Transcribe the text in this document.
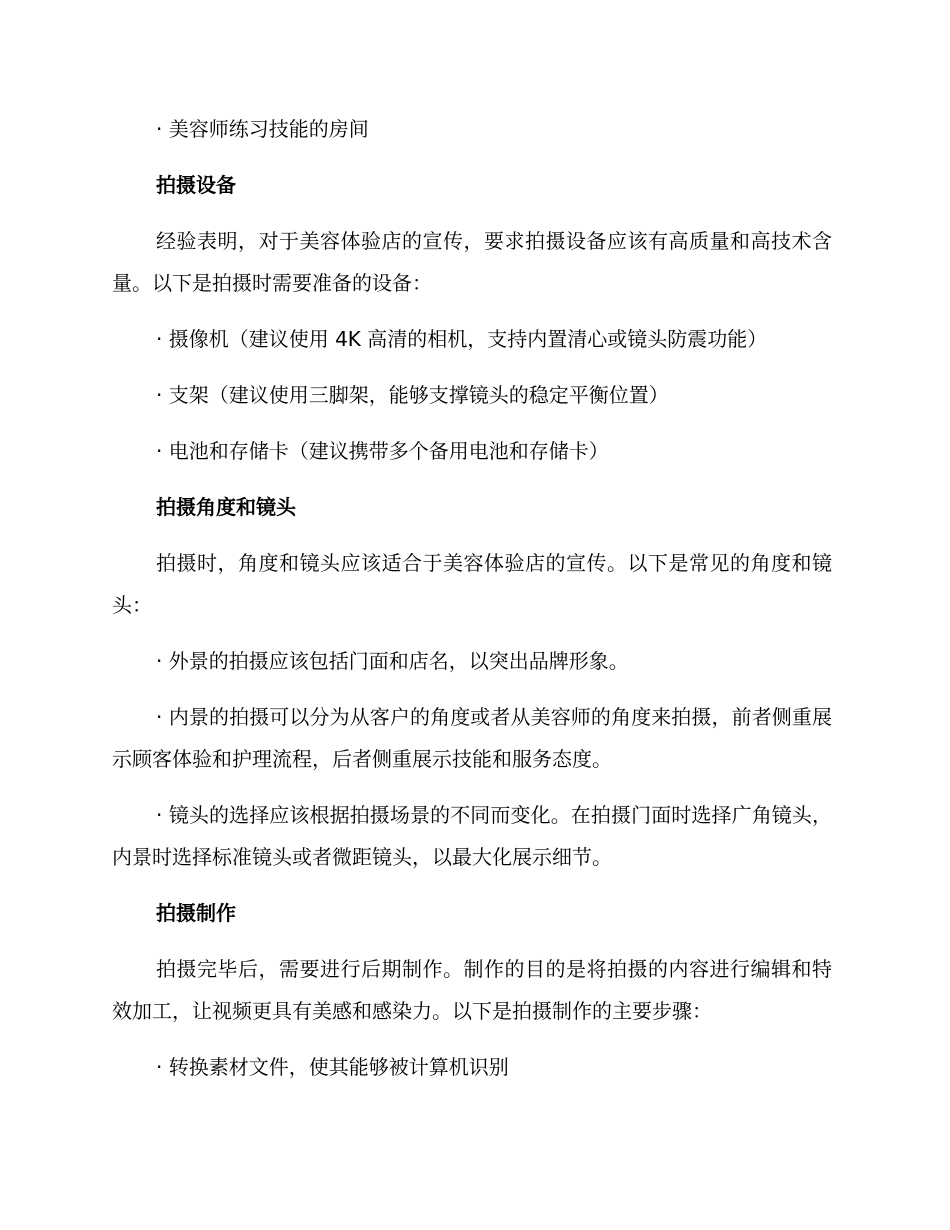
· 美容师练习技能的房间

拍摄设备

经验表明，对于美容体验店的宣传，要求拍摄设备应该有高质量和高技术含量。以下是拍摄时需要准备的设备：

· 摄像机（建议使用 4K 高清的相机，支持内置清心或镜头防震功能）

· 支架（建议使用三脚架，能够支撑镜头的稳定平衡位置）

· 电池和存储卡（建议携带多个备用电池和存储卡）

拍摄角度和镜头

拍摄时，角度和镜头应该适合于美容体验店的宣传。以下是常见的角度和镜头：

· 外景的拍摄应该包括门面和店名，以突出品牌形象。

· 内景的拍摄可以分为从客户的角度或者从美容师的角度来拍摄，前者侧重展示顾客体验和护理流程，后者侧重展示技能和服务态度。

· 镜头的选择应该根据拍摄场景的不同而变化。在拍摄门面时选择广角镜头，内景时选择标准镜头或者微距镜头，以最大化展示细节。

拍摄制作

拍摄完毕后，需要进行后期制作。制作的目的是将拍摄的内容进行编辑和特效加工，让视频更具有美感和感染力。以下是拍摄制作的主要步骤：

· 转换素材文件，使其能够被计算机识别
